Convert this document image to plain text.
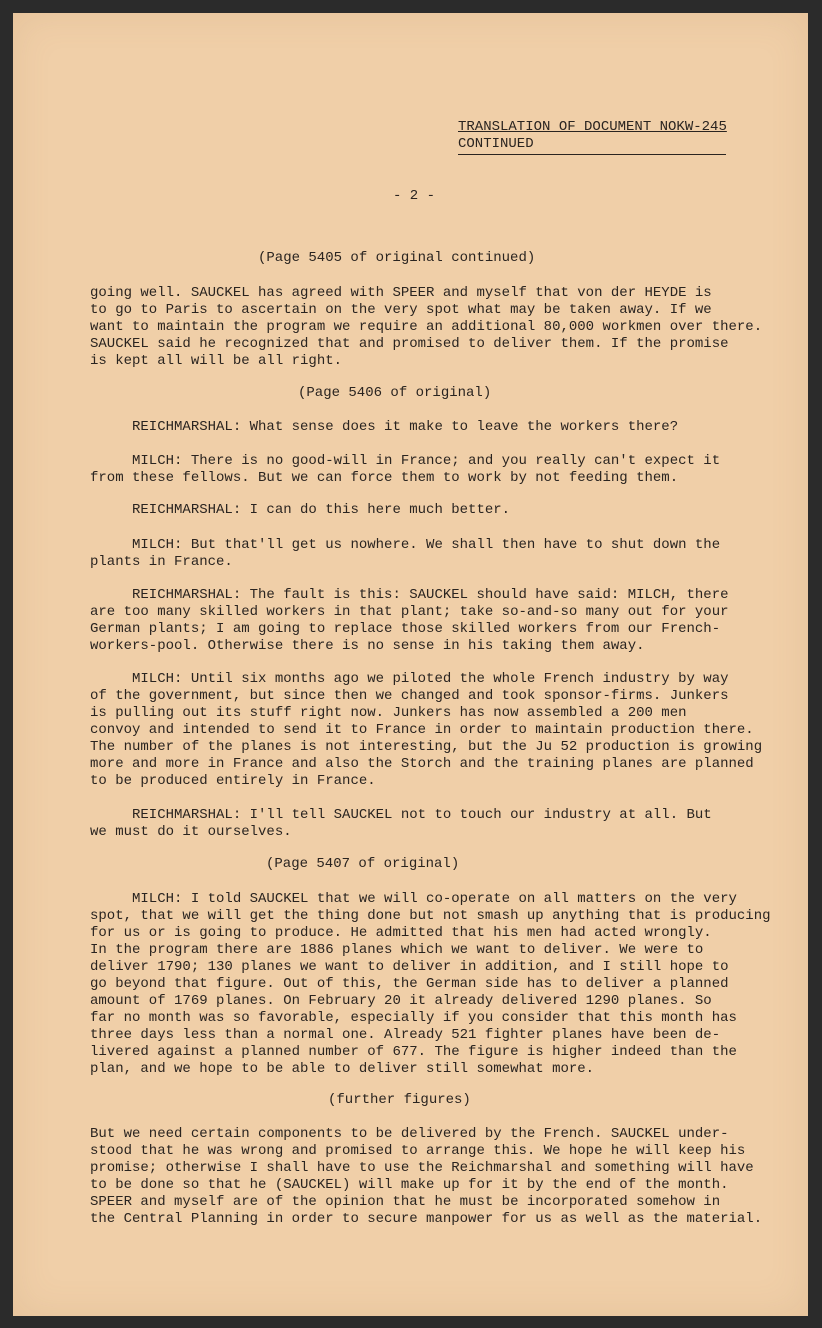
TRANSLATION OF DOCUMENT NOKW-245
CONTINUED
- 2 -
(Page 5405 of original continued)
going well. SAUCKEL has agreed with SPEER and myself that von der HEYDE is
to go to Paris to ascertain on the very spot what may be taken away. If we
want to maintain the program we require an additional 80,000 workmen over there.
SAUCKEL said he recognized that and promised to deliver them. If the promise
is kept all will be all right.
(Page 5406 of original)
REICHMARSHAL: What sense does it make to leave the workers there?
MILCH: There is no good-will in France; and you really can't expect it
from these fellows. But we can force them to work by not feeding them.
REICHMARSHAL: I can do this here much better.
MILCH: But that'll get us nowhere. We shall then have to shut down the
plants in France.
REICHMARSHAL: The fault is this: SAUCKEL should have said: MILCH, there
are too many skilled workers in that plant; take so-and-so many out for your
German plants; I am going to replace those skilled workers from our French-
workers-pool. Otherwise there is no sense in his taking them away.
MILCH: Until six months ago we piloted the whole French industry by way
of the government, but since then we changed and took sponsor-firms. Junkers
is pulling out its stuff right now. Junkers has now assembled a 200 men
convoy and intended to send it to France in order to maintain production there.
The number of the planes is not interesting, but the Ju 52 production is growing
more and more in France and also the Storch and the training planes are planned
to be produced entirely in France.
REICHMARSHAL: I'll tell SAUCKEL not to touch our industry at all. But
we must do it ourselves.
(Page 5407 of original)
MILCH: I told SAUCKEL that we will co-operate on all matters on the very
spot, that we will get the thing done but not smash up anything that is producing
for us or is going to produce. He admitted that his men had acted wrongly.
In the program there are 1886 planes which we want to deliver. We were to
deliver 1790; 130 planes we want to deliver in addition, and I still hope to
go beyond that figure. Out of this, the German side has to deliver a planned
amount of 1769 planes. On February 20 it already delivered 1290 planes. So
far no month was so favorable, especially if you consider that this month has
three days less than a normal one. Already 521 fighter planes have been de-
livered against a planned number of 677. The figure is higher indeed than the
plan, and we hope to be able to deliver still somewhat more.
(further figures)
But we need certain components to be delivered by the French. SAUCKEL under-
stood that he was wrong and promised to arrange this. We hope he will keep his
promise; otherwise I shall have to use the Reichmarshal and something will have
to be done so that he (SAUCKEL) will make up for it by the end of the month.
SPEER and myself are of the opinion that he must be incorporated somehow in
the Central Planning in order to secure manpower for us as well as the material.
